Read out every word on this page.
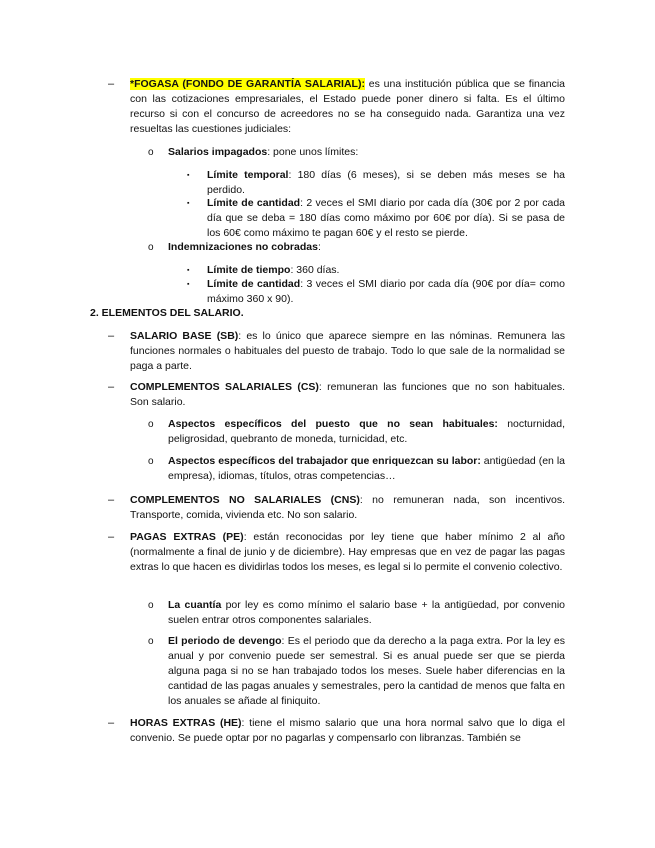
– *FOGASA (FONDO DE GARANTÍA SALARIAL): es una institución pública que se financia con las cotizaciones empresariales, el Estado puede poner dinero si falta. Es el último recurso si con el concurso de acreedores no se ha conseguido nada. Garantiza una vez resueltas las cuestiones judiciales:
o Salarios impagados: pone unos límites:
▪ Límite temporal: 180 días (6 meses), si se deben más meses se ha perdido.
▪ Límite de cantidad: 2 veces el SMI diario por cada día (30€ por 2 por cada día que se deba = 180 días como máximo por 60€ por día). Si se pasa de los 60€ como máximo te pagan 60€ y el resto se pierde.
o Indemnizaciones no cobradas:
▪ Límite de tiempo: 360 días.
▪ Límite de cantidad: 3 veces el SMI diario por cada día (90€ por día= como máximo 360 x 90).
2. ELEMENTOS DEL SALARIO.
– SALARIO BASE (SB): es lo único que aparece siempre en las nóminas. Remunera las funciones normales o habituales del puesto de trabajo. Todo lo que sale de la normalidad se paga a parte.
– COMPLEMENTOS SALARIALES (CS): remuneran las funciones que no son habituales. Son salario.
o Aspectos específicos del puesto que no sean habituales: nocturnidad, peligrosidad, quebranto de moneda, turnicidad, etc.
o Aspectos específicos del trabajador que enriquezcan su labor: antigüedad (en la empresa), idiomas, títulos, otras competencias…
– COMPLEMENTOS NO SALARIALES (CNS): no remuneran nada, son incentivos. Transporte, comida, vivienda etc. No son salario.
– PAGAS EXTRAS (PE): están reconocidas por ley tiene que haber mínimo 2 al año (normalmente a final de junio y de diciembre). Hay empresas que en vez de pagar las pagas extras lo que hacen es dividirlas todos los meses, es legal si lo permite el convenio colectivo.
o La cuantía por ley es como mínimo el salario base + la antigüedad, por convenio suelen entrar otros componentes salariales.
o El periodo de devengo: Es el periodo que da derecho a la paga extra. Por la ley es anual y por convenio puede ser semestral. Si es anual puede ser que se pierda alguna paga si no se han trabajado todos los meses. Suele haber diferencias en la cantidad de las pagas anuales y semestrales, pero la cantidad de menos que falta en los anuales se añade al finiquito.
– HORAS EXTRAS (HE): tiene el mismo salario que una hora normal salvo que lo diga el convenio. Se puede optar por no pagarlas y compensarlo con libranzas. También se
